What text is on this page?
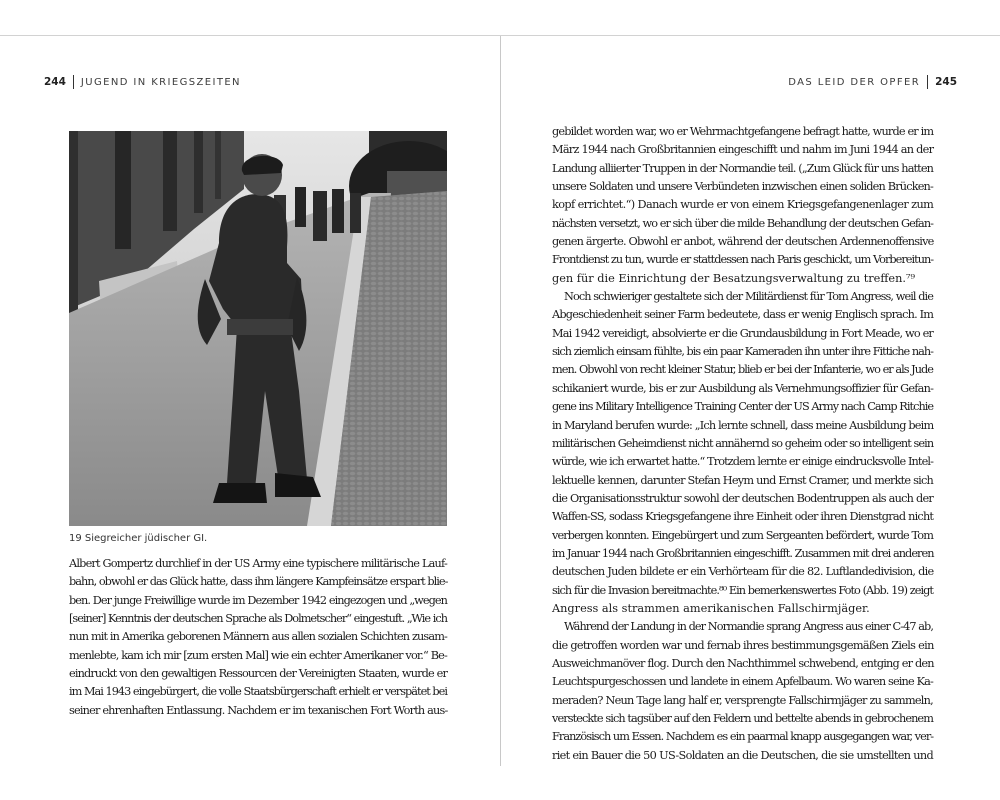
244 JUGEND IN KRIEGSZEITEN
19 Siegreicher jüdischer GI.
Albert Gompertz durchlief in der US Army eine typischere militärische Lauf-
bahn, obwohl er das Glück hatte, dass ihm längere Kampfeinsätze erspart blie-
ben. Der junge Freiwillige wurde im Dezember 1942 eingezogen und „wegen
[seiner] Kenntnis der deutschen Sprache als Dolmetscher“ eingestuft. „Wie ich
nun mit in Amerika geborenen Männern aus allen sozialen Schichten zusam-
menlebte, kam ich mir [zum ersten Mal] wie ein echter Amerikaner vor.“ Be-
eindruckt von den gewaltigen Ressourcen der Vereinigten Staaten, wurde er
im Mai 1943 eingebürgert, die volle Staatsbürgerschaft erhielt er verspätet bei
seiner ehrenhaften Entlassung. Nachdem er im texanischen Fort Worth aus-
DAS LEID DER OPFER 245
gebildet worden war, wo er Wehrmachtgefangene befragt hatte, wurde er im
März 1944 nach Großbritannien eingeschifft und nahm im Juni 1944 an der
Landung alliierter Truppen in der Normandie teil. („Zum Glück für uns hatten
unsere Soldaten und unsere Verbündeten inzwischen einen soliden Brücken-
kopf errichtet.“) Danach wurde er von einem Kriegsgefangenenlager zum
nächsten versetzt, wo er sich über die milde Behandlung der deutschen Gefan-
genen ärgerte. Obwohl er anbot, während der deutschen Ardennenoffensive
Frontdienst zu tun, wurde er stattdessen nach Paris geschickt, um Vorbereitun-
gen für die Einrichtung der Besatzungsverwaltung zu treffen.⁷⁹
Noch schwieriger gestaltete sich der Militärdienst für Tom Angress, weil die
Abgeschiedenheit seiner Farm bedeutete, dass er wenig Englisch sprach. Im
Mai 1942 vereidigt, absolvierte er die Grundausbildung in Fort Meade, wo er
sich ziemlich einsam fühlte, bis ein paar Kameraden ihn unter ihre Fittiche nah-
men. Obwohl von recht kleiner Statur, blieb er bei der Infanterie, wo er als Jude
schikaniert wurde, bis er zur Ausbildung als Vernehmungsoffizier für Gefan-
gene ins Military Intelligence Training Center der US Army nach Camp Ritchie
in Maryland berufen wurde: „Ich lernte schnell, dass meine Ausbildung beim
militärischen Geheimdienst nicht annähernd so geheim oder so intelligent sein
würde, wie ich erwartet hatte.“ Trotzdem lernte er einige eindrucksvolle Intel-
lektuelle kennen, darunter Stefan Heym und Ernst Cramer, und merkte sich
die Organisationsstruktur sowohl der deutschen Bodentruppen als auch der
Waffen-SS, sodass Kriegsgefangene ihre Einheit oder ihren Dienstgrad nicht
verbergen konnten. Eingebürgert und zum Sergeanten befördert, wurde Tom
im Januar 1944 nach Großbritannien eingeschifft. Zusammen mit drei anderen
deutschen Juden bildete er ein Verhörteam für die 82. Luftlandedivision, die
sich für die Invasion bereitmachte.⁸⁰ Ein bemerkenswertes Foto (Abb. 19) zeigt
Angress als strammen amerikanischen Fallschirmjäger.
Während der Landung in der Normandie sprang Angress aus einer C-47 ab,
die getroffen worden war und fernab ihres bestimmungsgemäßen Ziels ein
Ausweichmanöver flog. Durch den Nachthimmel schwebend, entging er den
Leuchtspurgeschossen und landete in einem Apfelbaum. Wo waren seine Ka-
meraden? Neun Tage lang half er, versprengte Fallschirmjäger zu sammeln,
versteckte sich tagsüber auf den Feldern und bettelte abends in gebrochenem
Französisch um Essen. Nachdem es ein paarmal knapp ausgegangen war, ver-
riet ein Bauer die 50 US-Soldaten an die Deutschen, die sie umstellten und
